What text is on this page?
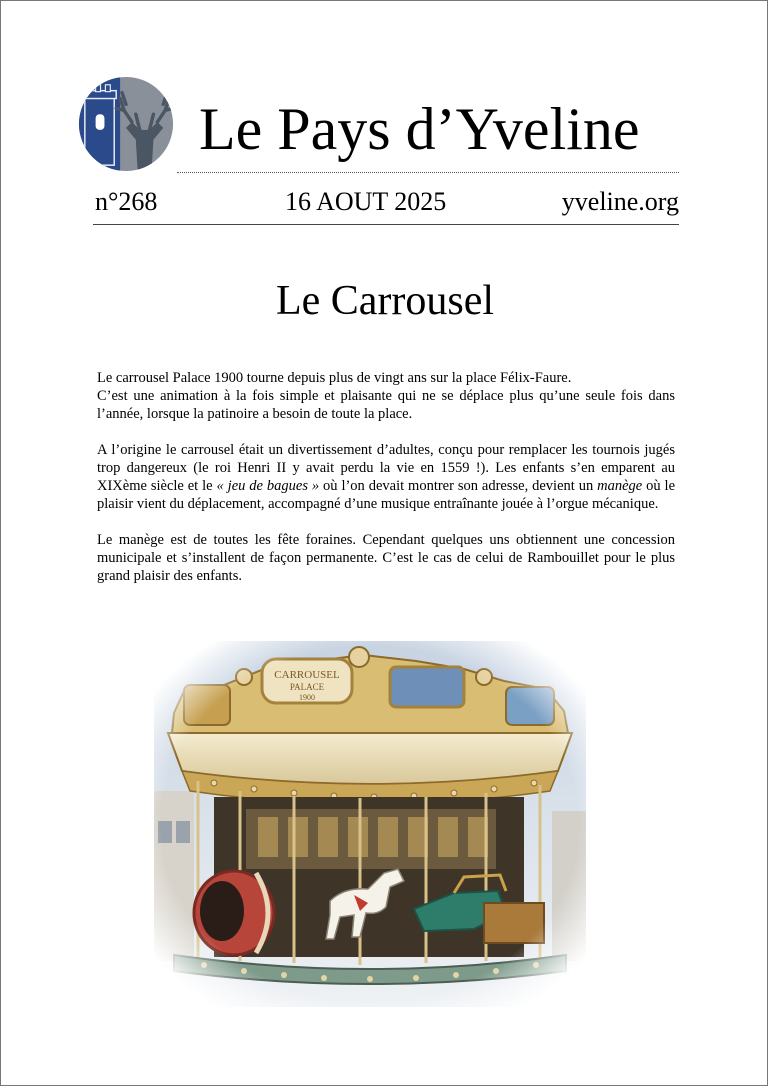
Le Pays d’Yveline
n°268	16 AOUT 2025	yveline.org
Le Carrousel

Le carrousel Palace 1900 tourne depuis plus de vingt ans sur la place Félix-Faure.
C’est une animation à la fois simple et plaisante qui ne se déplace plus qu’une seule fois dans l’année, lorsque la patinoire a besoin de toute la place.

A l’origine le carrousel était un divertissement d’adultes, conçu pour remplacer les tournois jugés trop dangereux (le roi Henri II y avait perdu la vie en 1559 !). Les enfants s’en emparent au XIXème siècle et le « jeu de bagues » où l’on devait montrer son adresse, devient un manège où le plaisir vient du déplacement, accompagné d’une musique entraînante jouée à l’orgue mécanique.

Le manège est de toutes les fête foraines. Cependant quelques uns obtiennent une concession municipale et s’installent de façon permanente. C’est le cas de celui de Rambouillet pour le plus grand plaisir des enfants.
